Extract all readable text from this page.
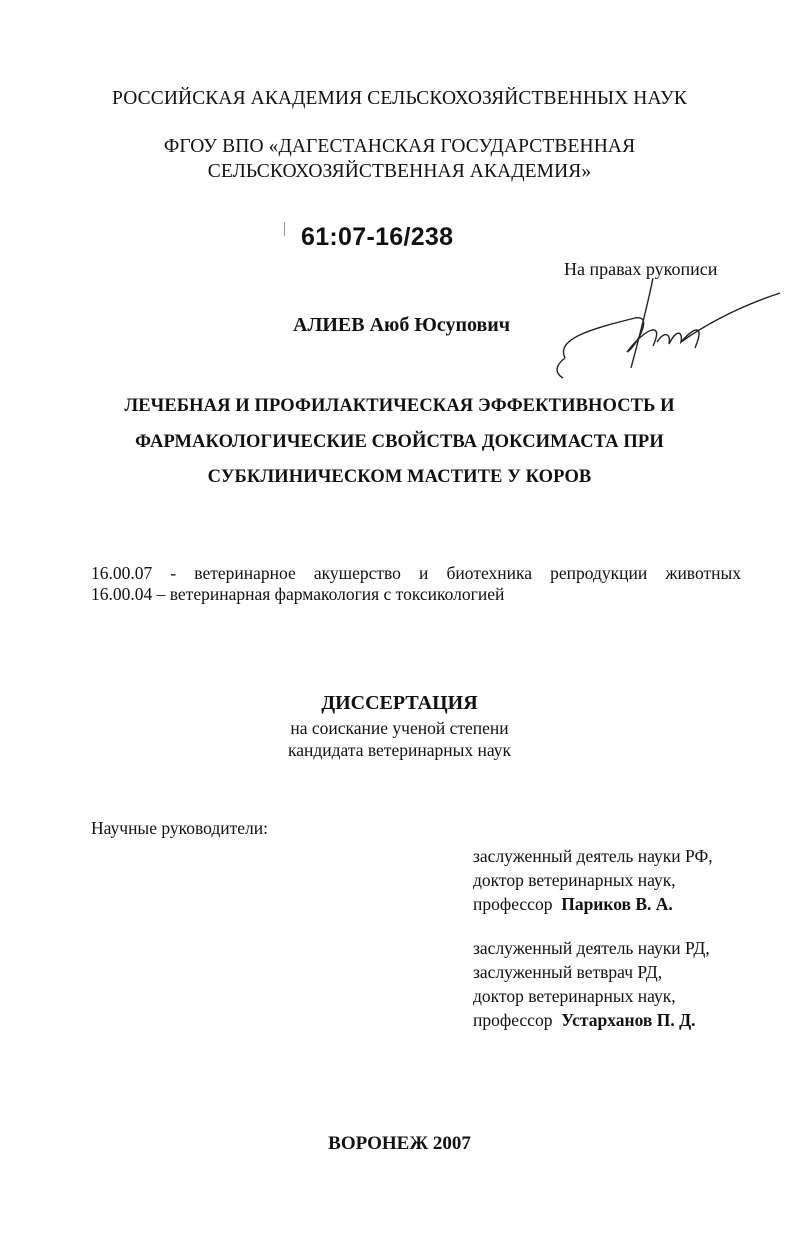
РОССИЙСКАЯ АКАДЕМИЯ СЕЛЬСКОХОЗЯЙСТВЕННЫХ НАУК
ФГОУ ВПО «ДАГЕСТАНСКАЯ ГОСУДАРСТВЕННАЯ
СЕЛЬСКОХОЗЯЙСТВЕННАЯ АКАДЕМИЯ»
61:07-16/238
На правах рукописи
АЛИЕВ Аюб Юсупович
ЛЕЧЕБНАЯ И ПРОФИЛАКТИЧЕСКАЯ ЭФФЕКТИВНОСТЬ И
ФАРМАКОЛОГИЧЕСКИЕ СВОЙСТВА ДОКСИМАСТА ПРИ
СУБКЛИНИЧЕСКОМ МАСТИТЕ У КОРОВ
16.00.07 - ветеринарное акушерство и биотехника репродукции животных
16.00.04 – ветеринарная фармакология с токсикологией
ДИССЕРТАЦИЯ
на соискание ученой степени
кандидата ветеринарных наук
Научные руководители:
заслуженный деятель науки РФ,
доктор ветеринарных наук,
профессор Париков В. А.
заслуженный деятель науки РД,
заслуженный ветврач РД,
доктор ветеринарных наук,
профессор Устарханов П. Д.
ВОРОНЕЖ 2007
